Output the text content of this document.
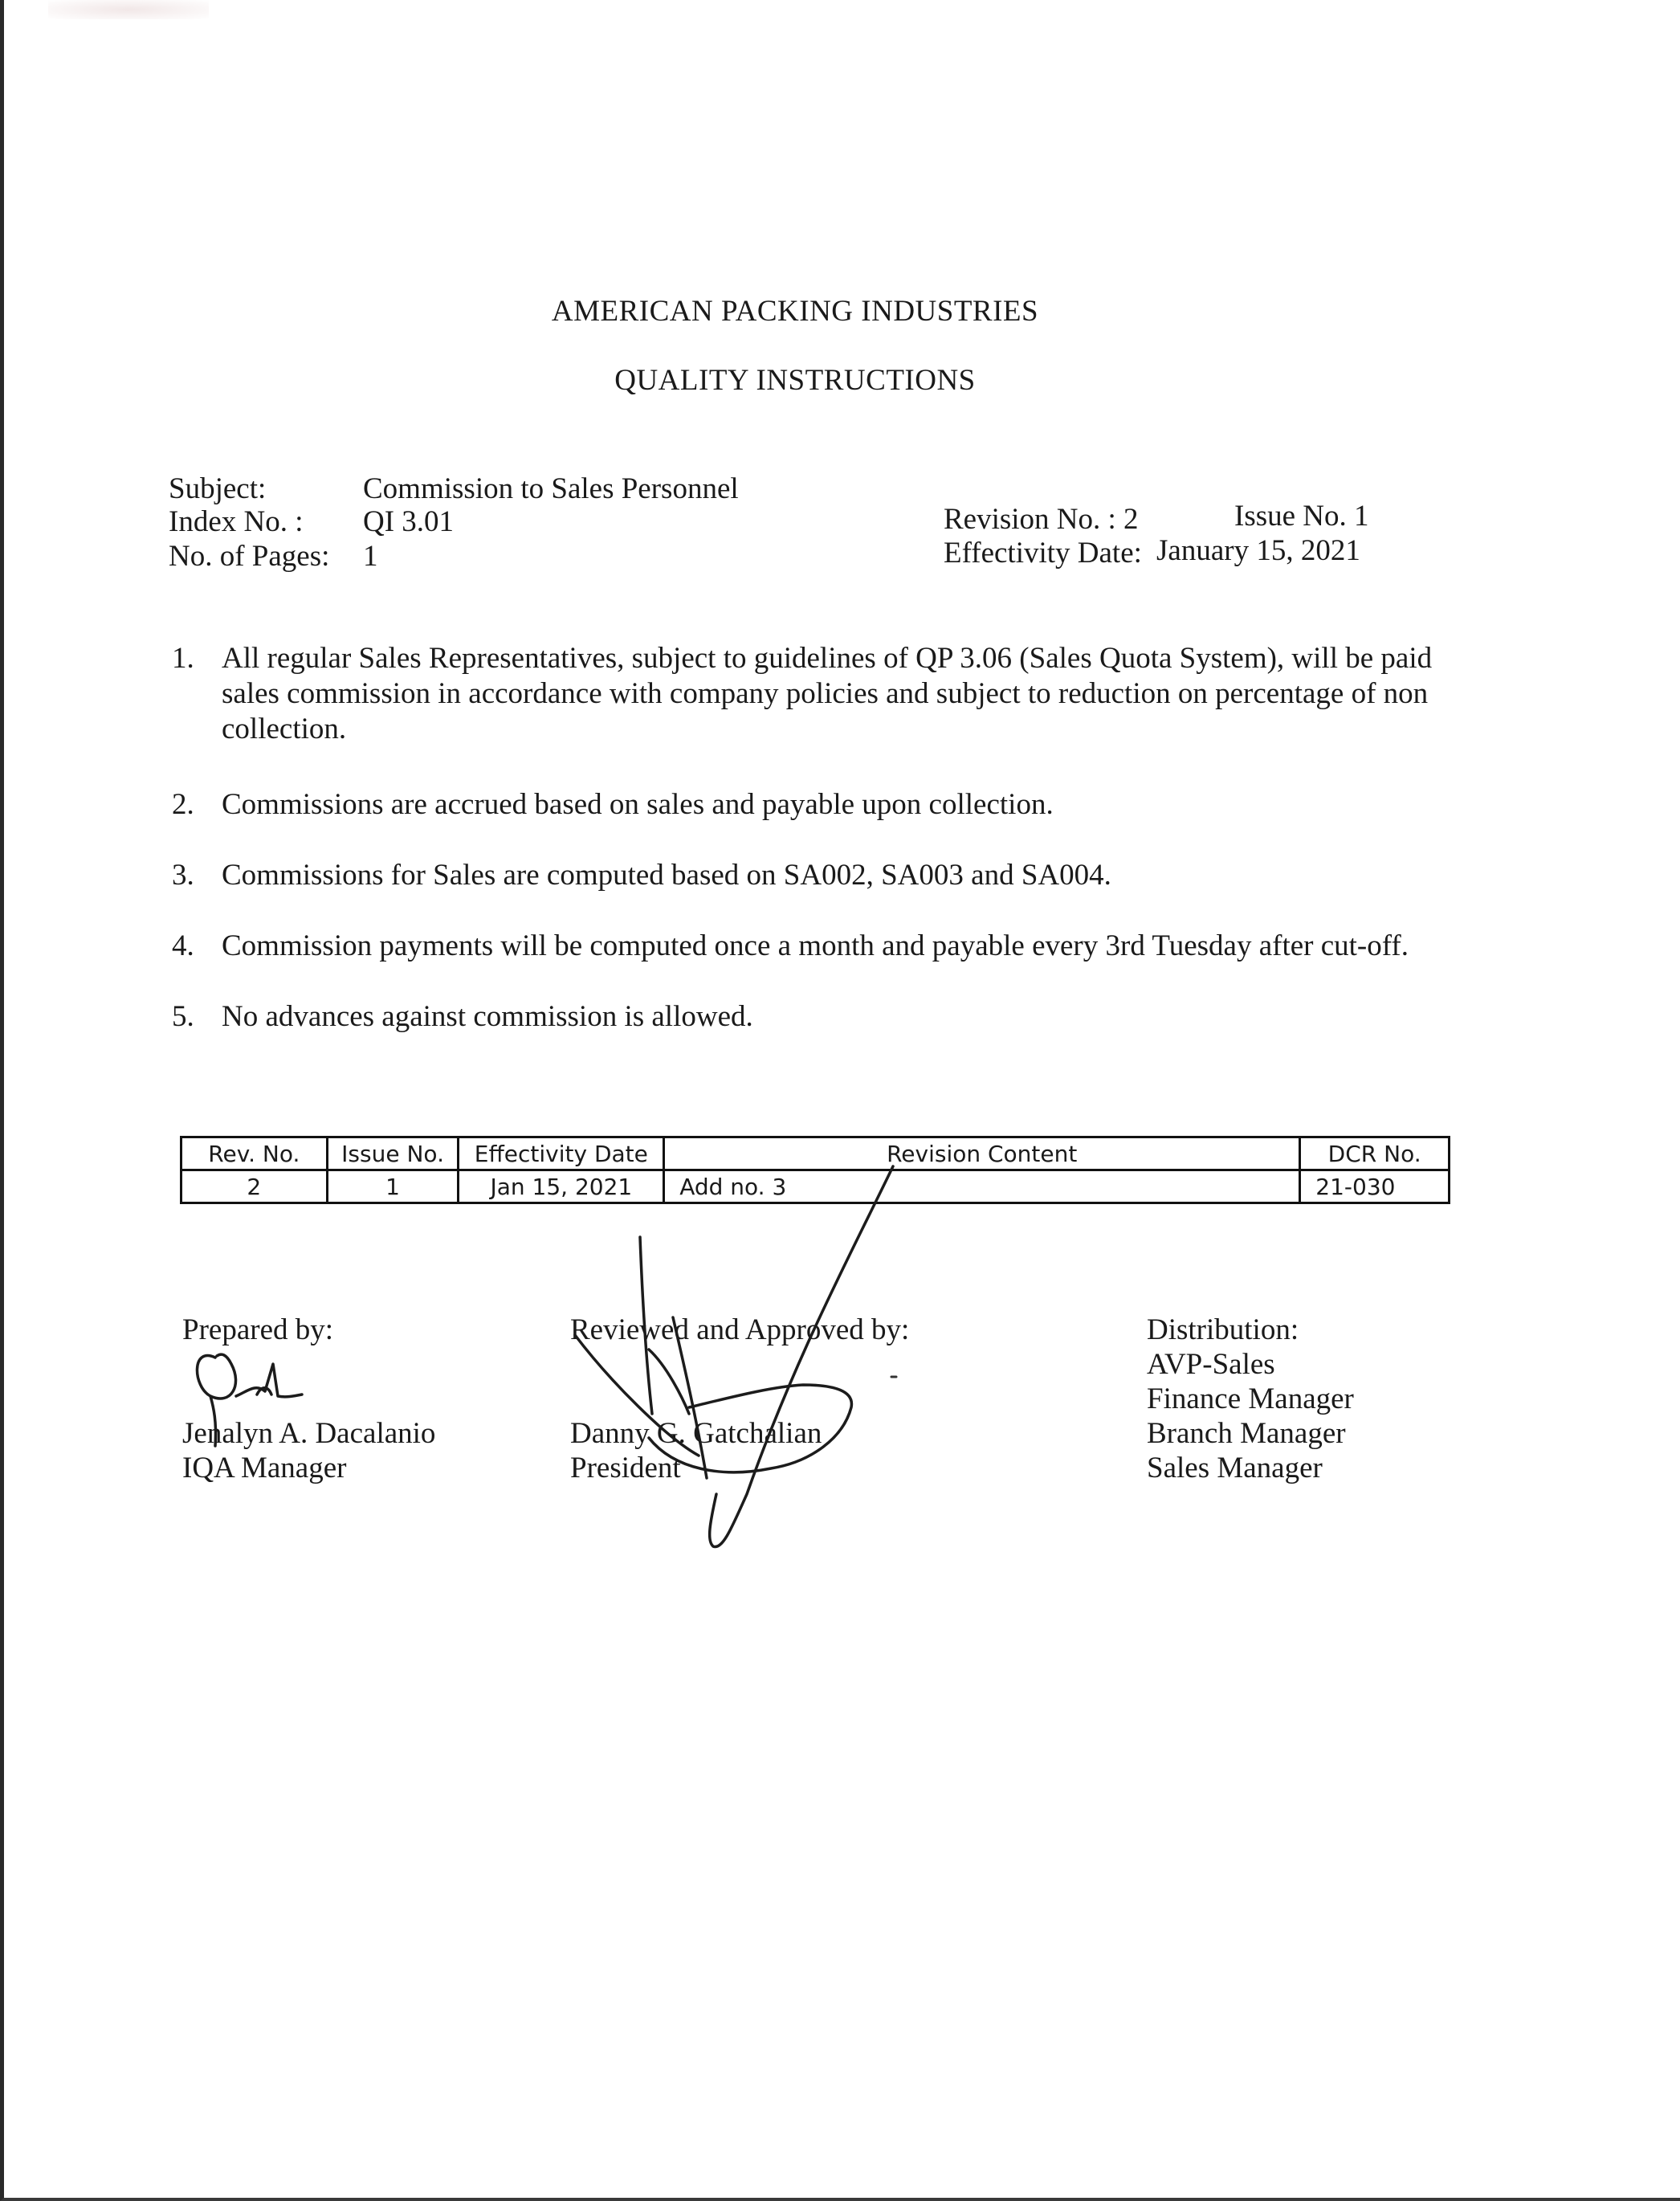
AMERICAN PACKING INDUSTRIES
QUALITY INSTRUCTIONS
Subject:	Commission to Sales Personnel
Index No. : QI 3.01
No. of Pages: 1
Revision No. : 2	Issue No. 1
Effectivity Date: January 15, 2021
1. All regular Sales Representatives, subject to guidelines of QP 3.06 (Sales Quota System), will be paid sales commission in accordance with company policies and subject to reduction on percentage of non collection.
2. Commissions are accrued based on sales and payable upon collection.
3. Commissions for Sales are computed based on SA002, SA003 and SA004.
4. Commission payments will be computed once a month and payable every 3rd Tuesday after cut-off.
5. No advances against commission is allowed.
Rev. No.	Issue No.	Effectivity Date	Revision Content	DCR No.
2	1	Jan 15, 2021	Add no. 3	21-030
Prepared by:
Jenalyn A. Dacalanio
IQA Manager
Reviewed and Approved by:
Danny G. Gatchalian
President
Distribution:
AVP-Sales
Finance Manager
Branch Manager
Sales Manager
